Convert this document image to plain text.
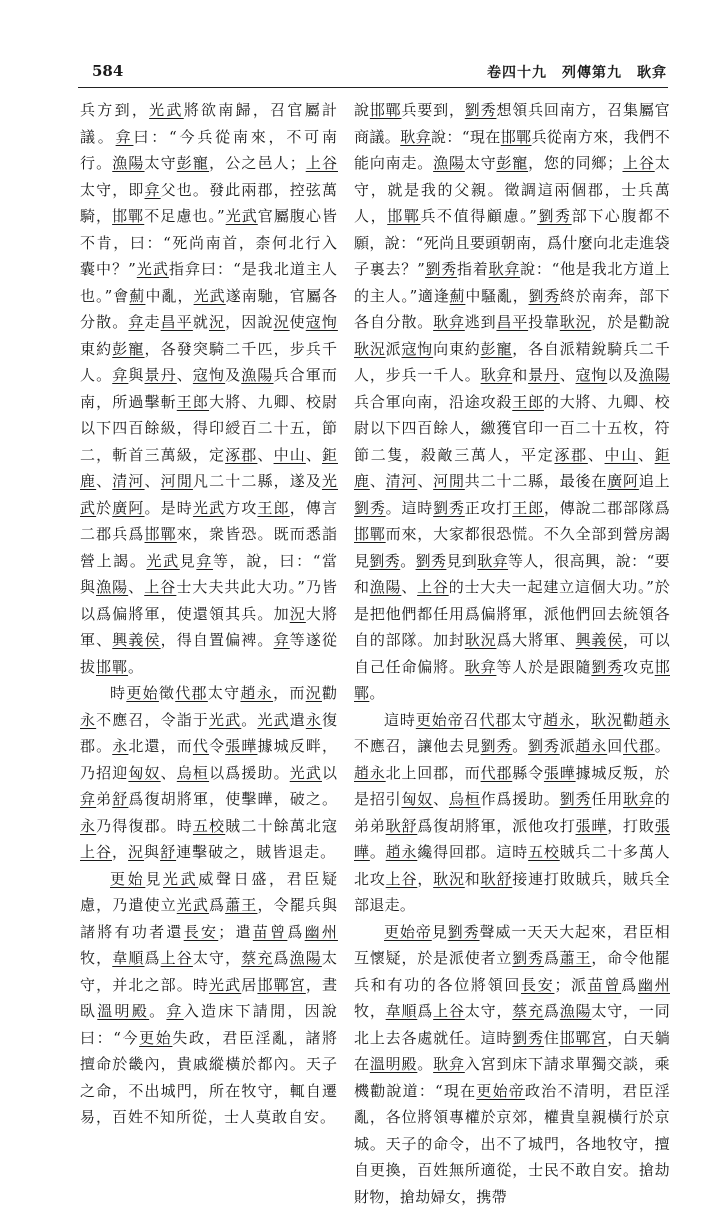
584	卷四十九　列傳第九　耿弇

兵方到，光武將欲南歸，召官屬計議。弇曰：“今兵從南來，不可南行。漁陽太守彭寵，公之邑人；上谷太守，即弇父也。發此兩郡，控弦萬騎，邯鄲不足慮也。”光武官屬腹心皆不肯，曰：“死尚南首，柰何北行入囊中？”光武指弇曰：“是我北道主人也。”會薊中亂，光武遂南馳，官屬各分散。弇走昌平就況，因說況使寇恂東約彭寵，各發突騎二千匹，步兵千人。弇與景丹、寇恂及漁陽兵合軍而南，所過擊斬王郎大將、九卿、校尉以下四百餘級，得印綬百二十五，節二，斬首三萬級，定涿郡、中山、鉅鹿、清河、河閒凡二十二縣，遂及光武於廣阿。是時光武方攻王郎，傳言二郡兵爲邯鄲來，衆皆恐。既而悉詣營上謁。光武見弇等，說，曰：“當與漁陽、上谷士大夫共此大功。”乃皆以爲偏將軍，使還領其兵。加況大將軍、興義侯，得自置偏裨。弇等遂從拔邯鄲。

時更始徵代郡太守趙永，而況勸永不應召，令詣于光武。光武遣永復郡。永北還，而代令張曄據城反畔，乃招迎匈奴、烏桓以爲援助。光武以弇弟舒爲復胡將軍，使擊曄，破之。永乃得復郡。時五校賊二十餘萬北寇上谷，況與舒連擊破之，賊皆退走。

更始見光武威聲日盛，君臣疑慮，乃遣使立光武爲蕭王，令罷兵與諸將有功者還長安；遣苗曾爲幽州牧，韋順爲上谷太守，蔡充爲漁陽太守，并北之部。時光武居邯鄲宮，晝臥溫明殿。弇入造床下請閒，因說曰：“今更始失政，君臣淫亂，諸將擅命於畿內，貴戚縱橫於都內。天子之命，不出城門，所在牧守，輒自遷易，百姓不知所從，士人莫敢自安。

說邯鄲兵要到，劉秀想領兵回南方，召集屬官商議。耿弇說：“現在邯鄲兵從南方來，我們不能向南走。漁陽太守彭寵，您的同鄉；上谷太守，就是我的父親。徵調這兩個郡，士兵萬人，邯鄲兵不值得顧慮。”劉秀部下心腹都不願，說：“死尚且要頭朝南，爲什麼向北走進袋子裏去？”劉秀指着耿弇說：“他是我北方道上的主人。”適逢薊中騷亂，劉秀終於南奔，部下各自分散。耿弇逃到昌平投靠耿況，於是勸說耿況派寇恂向東約彭寵，各自派精銳騎兵二千人，步兵一千人。耿弇和景丹、寇恂以及漁陽兵合軍向南，沿途攻殺王郎的大將、九卿、校尉以下四百餘人，繳獲官印一百二十五枚，符節二隻，殺敵三萬人，平定涿郡、中山、鉅鹿、清河、河閒共二十二縣，最後在廣阿追上劉秀。這時劉秀正攻打王郎，傳說二郡部隊爲邯鄲而來，大家都很恐慌。不久全部到營房謁見劉秀。劉秀見到耿弇等人，很高興，說：“要和漁陽、上谷的士大夫一起建立這個大功。”於是把他們都任用爲偏將軍，派他們回去統領各自的部隊。加封耿況爲大將軍、興義侯，可以自己任命偏將。耿弇等人於是跟隨劉秀攻克邯鄲。

這時更始帝召代郡太守趙永，耿況勸趙永不應召，讓他去見劉秀。劉秀派趙永回代郡。趙永北上回郡，而代郡縣令張曄據城反叛，於是招引匈奴、烏桓作爲援助。劉秀任用耿弇的弟弟耿舒爲復胡將軍，派他攻打張曄，打敗張曄。趙永纔得回郡。這時五校賊兵二十多萬人北攻上谷，耿況和耿舒接連打敗賊兵，賊兵全部退走。

更始帝見劉秀聲威一天天大起來，君臣相互懷疑，於是派使者立劉秀爲蕭王，命令他罷兵和有功的各位將領回長安；派苗曾爲幽州牧，韋順爲上谷太守，蔡充爲漁陽太守，一同北上去各處就任。這時劉秀住邯鄲宮，白天躺在溫明殿。耿弇入宮到床下請求單獨交談，乘機勸說道：“現在更始帝政治不清明，君臣淫亂，各位將領專權於京郊，權貴皇親橫行於京城。天子的命令，出不了城門，各地牧守，擅自更換，百姓無所適從，士民不敢自安。搶劫財物，搶劫婦女，携帶
